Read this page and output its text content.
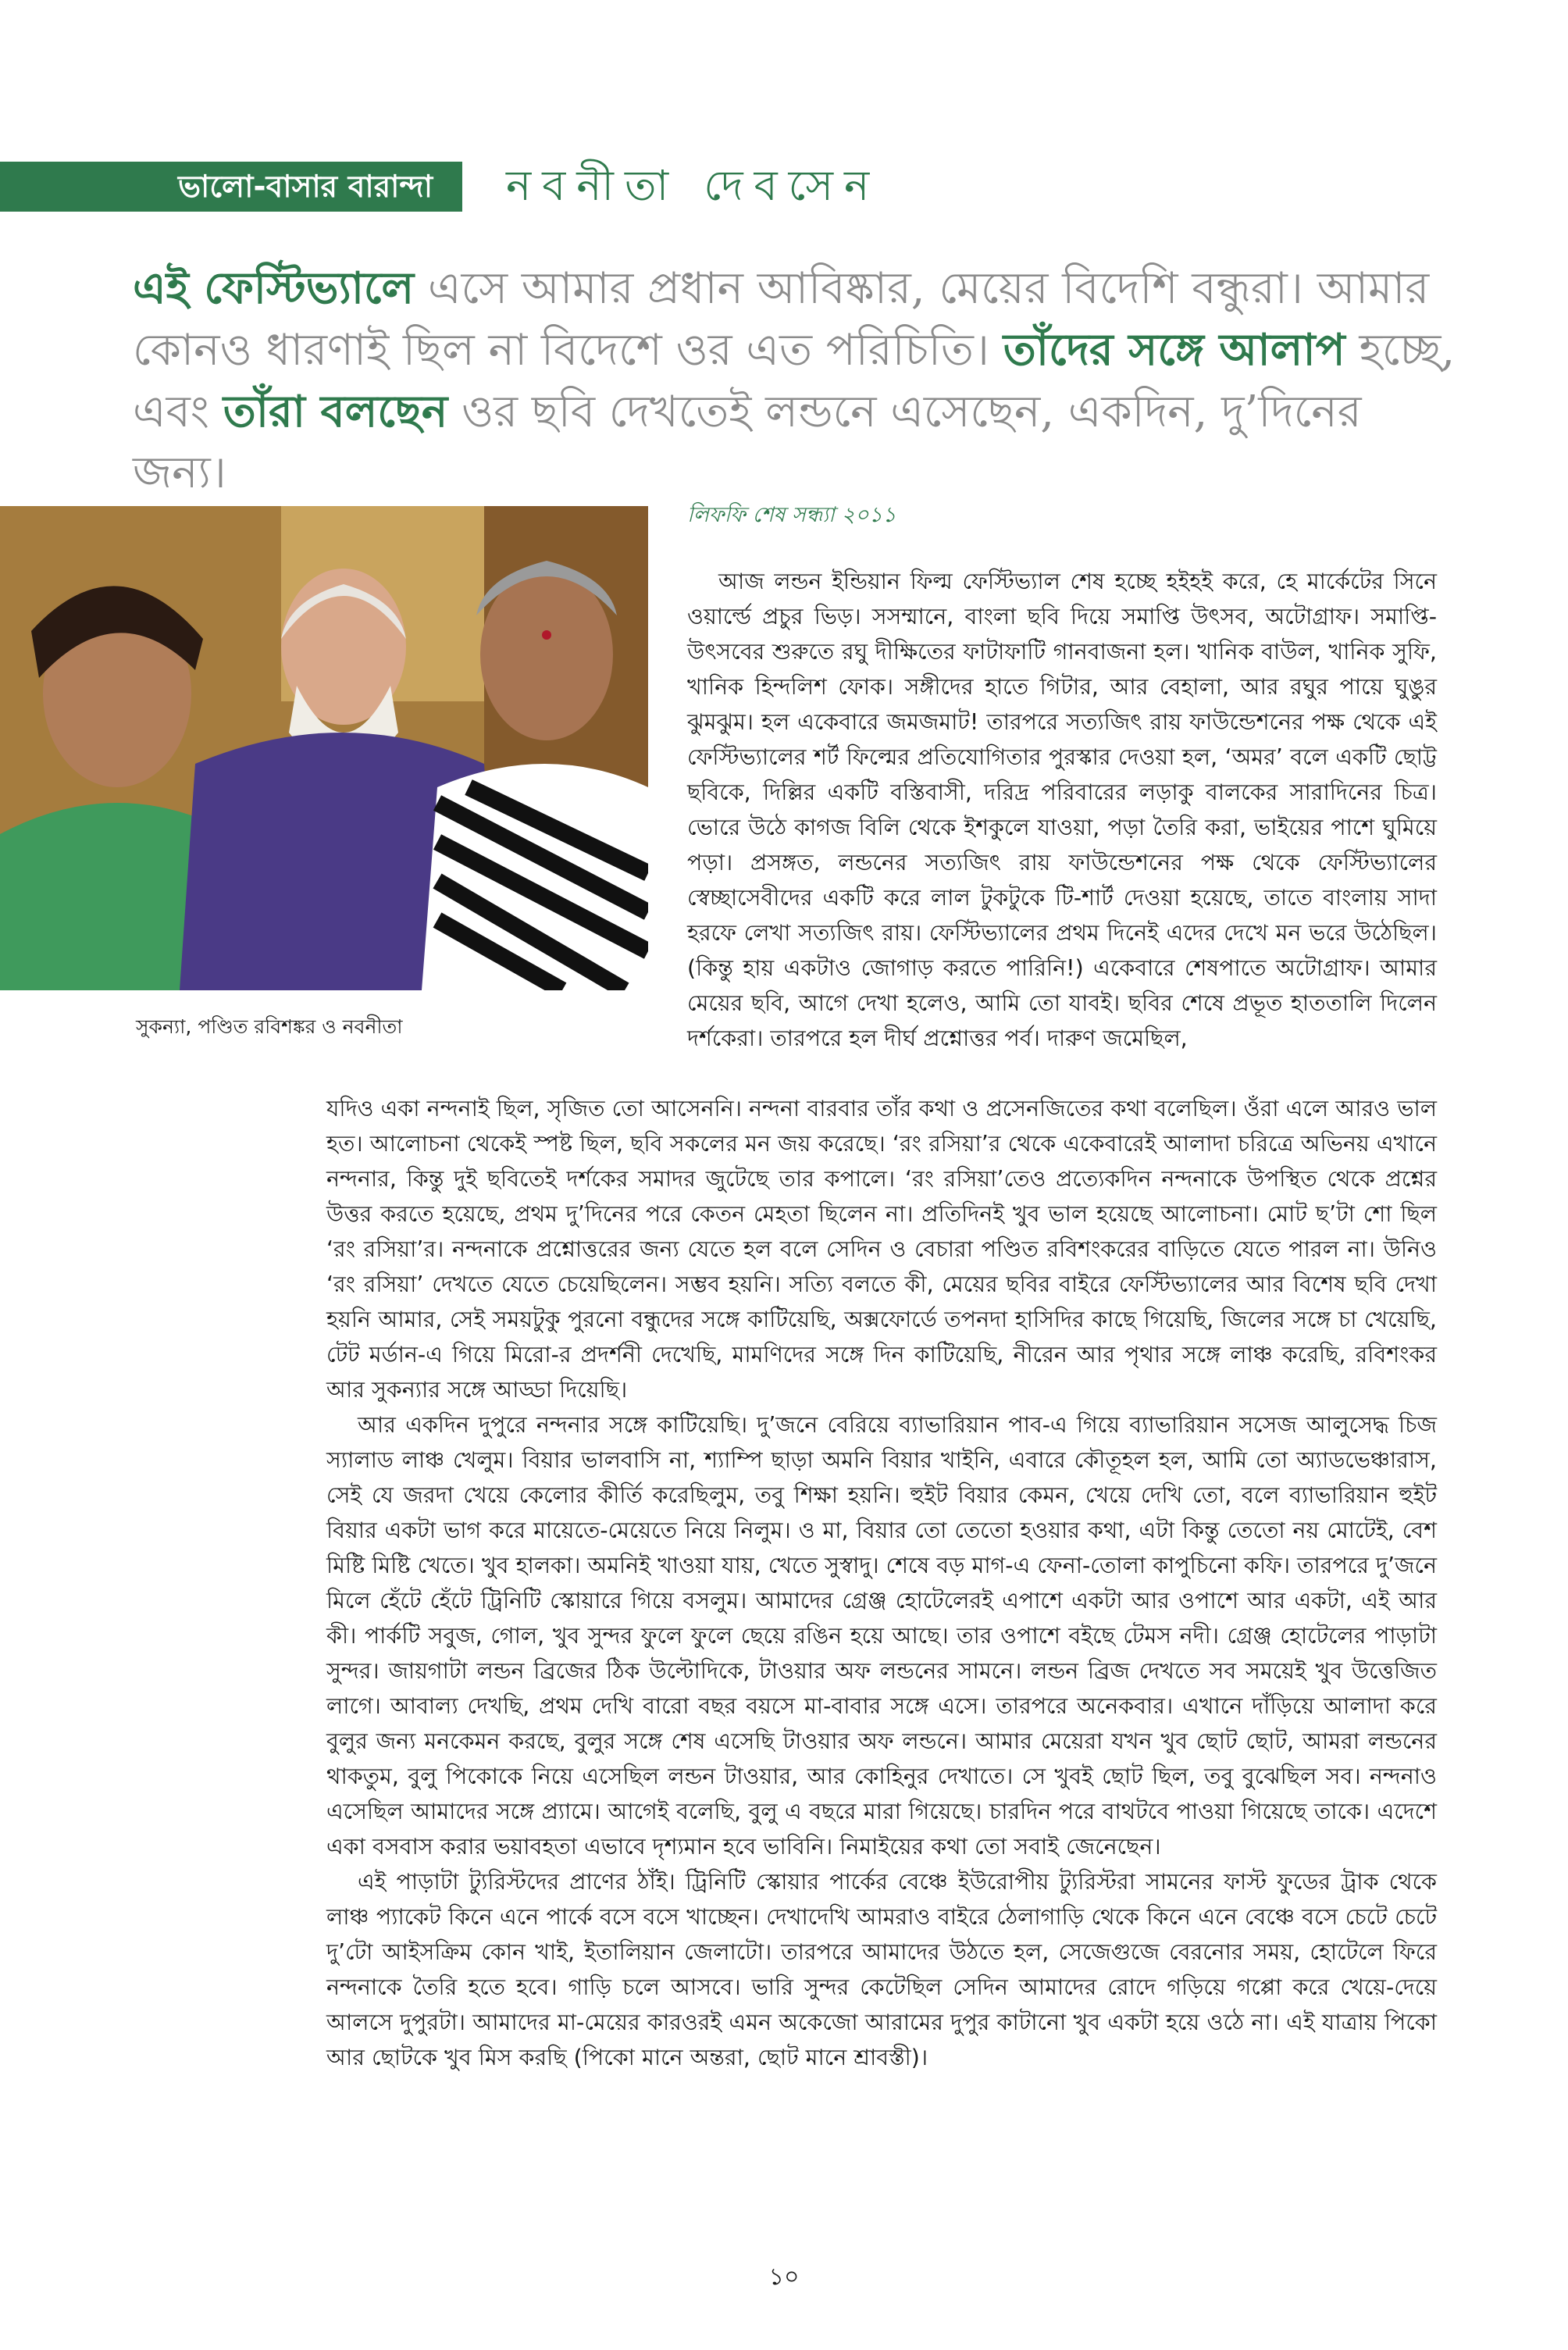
ভালো-বাসার বারান্দা নবনীতা দেবসেন
এই ফেস্টিভ্যালে এসে আমার প্রধান আবিষ্কার, মেয়ের বিদেশি বন্ধুরা। আমার কোনও ধারণাই ছিল না বিদেশে ওর এত পরিচিতি। তাঁদের সঙ্গে আলাপ হচ্ছে, এবং তাঁরা বলছেন ওর ছবি দেখতেই লন্ডনে এসেছেন, একদিন, দু’দিনের জন্য।
সুকন্যা, পণ্ডিত রবিশঙ্কর ও নবনীতা
লিফফি শেষ সন্ধ্যা ২০১১

আজ লন্ডন ইন্ডিয়ান ফিল্ম ফেস্টিভ্যাল শেষ হচ্ছে হইহই করে, হে মার্কেটের সিনে ওয়ার্ল্ডে প্রচুর ভিড়। সসম্মানে, বাংলা ছবি দিয়ে সমাপ্তি উৎসব, অটোগ্রাফ। সমাপ্তি-উৎসবের শুরুতে রঘু দীক্ষিতের ফাটাফাটি গানবাজনা হল। খানিক বাউল, খানিক সুফি, খানিক হিন্দলিশ ফোক। সঙ্গীদের হাতে গিটার, আর বেহালা, আর রঘুর পায়ে ঘুঙুর ঝুমঝুম। হল একেবারে জমজমাট! তারপরে সত্যজিৎ রায় ফাউন্ডেশনের পক্ষ থেকে এই ফেস্টিভ্যালের শর্ট ফিল্মের প্রতিযোগিতার পুরস্কার দেওয়া হল, ‘অমর’ বলে একটি ছোট্ট ছবিকে, দিল্লির একটি বস্তিবাসী, দরিদ্র পরিবারের লড়াকু বালকের সারাদিনের চিত্র। ভোরে উঠে কাগজ বিলি থেকে ইশকুলে যাওয়া, পড়া তৈরি করা, ভাইয়ের পাশে ঘুমিয়ে পড়া। প্রসঙ্গত, লন্ডনের সত্যজিৎ রায় ফাউন্ডেশনের পক্ষ থেকে ফেস্টিভ্যালের স্বেচ্ছাসেবীদের একটি করে লাল টুকটুকে টি-শার্ট দেওয়া হয়েছে, তাতে বাংলায় সাদা হরফে লেখা সত্যজিৎ রায়। ফেস্টিভ্যালের প্রথম দিনেই এদের দেখে মন ভরে উঠেছিল। (কিন্তু হায় একটাও জোগাড় করতে পারিনি!) একেবারে শেষপাতে অটোগ্রাফ। আমার মেয়ের ছবি, আগে দেখা হলেও, আমি তো যাবই। ছবির শেষে প্রভূত হাততালি দিলেন দর্শকেরা। তারপরে হল দীর্ঘ প্রশ্নোত্তর পর্ব। দারুণ জমেছিল,

যদিও একা নন্দনাই ছিল, সৃজিত তো আসেননি। নন্দনা বারবার তাঁর কথা ও প্রসেনজিতের কথা বলেছিল। ওঁরা এলে আরও ভাল হত। আলোচনা থেকেই স্পষ্ট ছিল, ছবি সকলের মন জয় করেছে। ‘রং রসিয়া’র থেকে একেবারেই আলাদা চরিত্রে অভিনয় এখানে নন্দনার, কিন্তু দুই ছবিতেই দর্শকের সমাদর জুটেছে তার কপালে। ‘রং রসিয়া’তেও প্রত্যেকদিন নন্দনাকে উপস্থিত থেকে প্রশ্নের উত্তর করতে হয়েছে, প্রথম দু’দিনের পরে কেতন মেহতা ছিলেন না। প্রতিদিনই খুব ভাল হয়েছে আলোচনা। মোট ছ’টা শো ছিল ‘রং রসিয়া’র। নন্দনাকে প্রশ্নোত্তরের জন্য যেতে হল বলে সেদিন ও বেচারা পণ্ডিত রবিশংকরের বাড়িতে যেতে পারল না। উনিও ‘রং রসিয়া’ দেখতে যেতে চেয়েছিলেন। সম্ভব হয়নি। সত্যি বলতে কী, মেয়ের ছবির বাইরে ফেস্টিভ্যালের আর বিশেষ ছবি দেখা হয়নি আমার, সেই সময়টুকু পুরনো বন্ধুদের সঙ্গে কাটিয়েছি, অক্সফোর্ডে তপনদা হাসিদির কাছে গিয়েছি, জিলের সঙ্গে চা খেয়েছি, টেট মর্ডান-এ গিয়ে মিরো-র প্রদর্শনী দেখেছি, মামণিদের সঙ্গে দিন কাটিয়েছি, নীরেন আর পৃথার সঙ্গে লাঞ্চ করেছি, রবিশংকর আর সুকন্যার সঙ্গে আড্ডা দিয়েছি।

আর একদিন দুপুরে নন্দনার সঙ্গে কাটিয়েছি। দু’জনে বেরিয়ে ব্যাভারিয়ান পাব-এ গিয়ে ব্যাভারিয়ান সসেজ আলুসেদ্ধ চিজ স্যালাড লাঞ্চ খেলুম। বিয়ার ভালবাসি না, শ্যাম্পি ছাড়া অমনি বিয়ার খাইনি, এবারে কৌতূহল হল, আমি তো অ্যাডভেঞ্চারাস, সেই যে জরদা খেয়ে কেলোর কীর্তি করেছিলুম, তবু শিক্ষা হয়নি। হুইট বিয়ার কেমন, খেয়ে দেখি তো, বলে ব্যাভারিয়ান হুইট বিয়ার একটা ভাগ করে মায়েতে-মেয়েতে নিয়ে নিলুম। ও মা, বিয়ার তো তেতো হওয়ার কথা, এটা কিন্তু তেতো নয় মোটেই, বেশ মিষ্টি মিষ্টি খেতে। খুব হালকা। অমনিই খাওয়া যায়, খেতে সুস্বাদু। শেষে বড় মাগ-এ ফেনা-তোলা কাপুচিনো কফি। তারপরে দু’জনে মিলে হেঁটে হেঁটে ট্রিনিটি স্কোয়ারে গিয়ে বসলুম। আমাদের গ্রেঞ্জ হোটেলেরই এপাশে একটা আর ওপাশে আর একটা, এই আর কী। পার্কটি সবুজ, গোল, খুব সুন্দর ফুলে ফুলে ছেয়ে রঙিন হয়ে আছে। তার ওপাশে বইছে টেমস নদী। গ্রেঞ্জ হোটেলের পাড়াটা সুন্দর। জায়গাটা লন্ডন ব্রিজের ঠিক উল্টোদিকে, টাওয়ার অফ লন্ডনের সামনে। লন্ডন ব্রিজ দেখতে সব সময়েই খুব উত্তেজিত লাগে। আবাল্য দেখছি, প্রথম দেখি বারো বছর বয়সে মা-বাবার সঙ্গে এসে। তারপরে অনেকবার। এখানে দাঁড়িয়ে আলাদা করে বুলুর জন্য মনকেমন করছে, বুলুর সঙ্গে শেষ এসেছি টাওয়ার অফ লন্ডনে। আমার মেয়েরা যখন খুব ছোট ছোট, আমরা লন্ডনের থাকতুম, বুলু পিকোকে নিয়ে এসেছিল লন্ডন টাওয়ার, আর কোহিনুর দেখাতে। সে খুবই ছোট ছিল, তবু বুঝেছিল সব। নন্দনাও এসেছিল আমাদের সঙ্গে প্র্যামে। আগেই বলেছি, বুলু এ বছরে মারা গিয়েছে। চারদিন পরে বাথটবে পাওয়া গিয়েছে তাকে। এদেশে একা বসবাস করার ভয়াবহতা এভাবে দৃশ্যমান হবে ভাবিনি। নিমাইয়ের কথা তো সবাই জেনেছেন।

এই পাড়াটা ট্যুরিস্টদের প্রাণের ঠাঁই। ট্রিনিটি স্কোয়ার পার্কের বেঞ্চে ইউরোপীয় ট্যুরিস্টরা সামনের ফাস্ট ফুডের ট্রাক থেকে লাঞ্চ প্যাকেট কিনে এনে পার্কে বসে বসে খাচ্ছেন। দেখাদেখি আমরাও বাইরে ঠেলাগাড়ি থেকে কিনে এনে বেঞ্চে বসে চেটে চেটে দু’টো আইসক্রিম কোন খাই, ইতালিয়ান জেলাটো। তারপরে আমাদের উঠতে হল, সেজেগুজে বেরনোর সময়, হোটেলে ফিরে নন্দনাকে তৈরি হতে হবে। গাড়ি চলে আসবে। ভারি সুন্দর কেটেছিল সেদিন আমাদের রোদে গড়িয়ে গপ্পো করে খেয়ে-দেয়ে আলসে দুপুরটা। আমাদের মা-মেয়ের কারওরই এমন অকেজো আরামের দুপুর কাটানো খুব একটা হয়ে ওঠে না। এই যাত্রায় পিকো আর ছোটকে খুব মিস করছি (পিকো মানে অন্তরা, ছোট মানে শ্রাবস্তী)।

১০
